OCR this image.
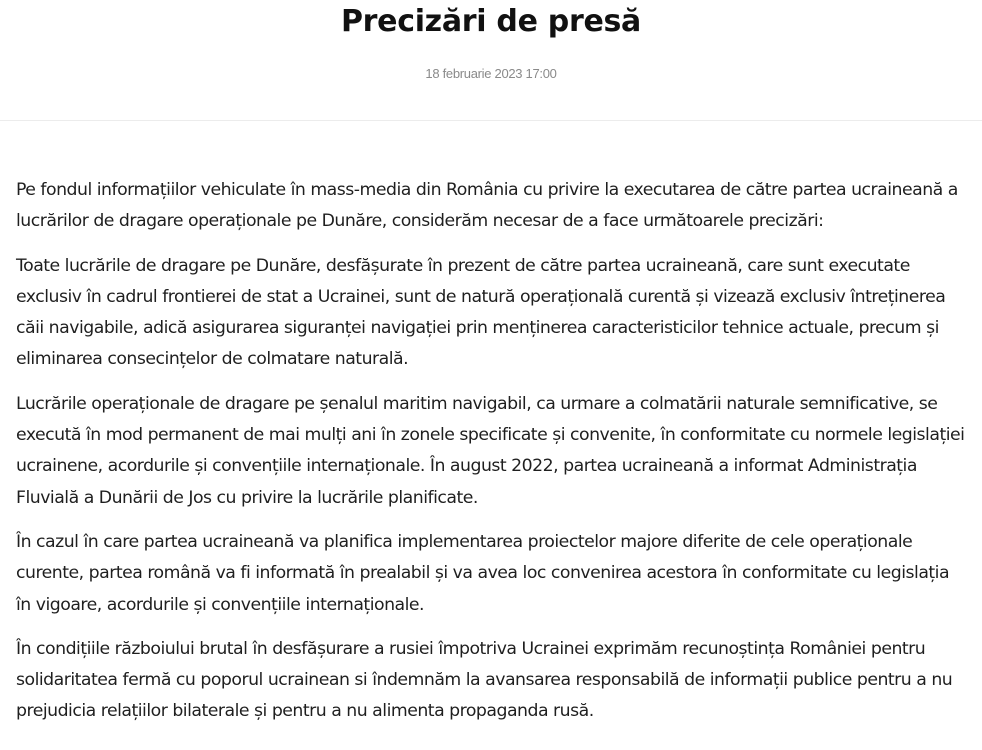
Precizări de presă
18 februarie 2023 17:00

Pe fondul informațiilor vehiculate în mass-media din România cu privire la executarea de către partea ucraineană a lucrărilor de dragare operaționale pe Dunăre, considerăm necesar de a face următoarele precizări:

Toate lucrările de dragare pe Dunăre, desfășurate în prezent de către partea ucraineană, care sunt executate exclusiv în cadrul frontierei de stat a Ucrainei, sunt de natură operațională curentă și vizează exclusiv întreținerea căii navigabile, adică asigurarea siguranței navigației prin menținerea caracteristicilor tehnice actuale, precum și eliminarea consecințelor de colmatare naturală.

Lucrările operaționale de dragare pe șenalul maritim navigabil, ca urmare a colmatării naturale semnificative, se execută în mod permanent de mai mulți ani în zonele specificate și convenite, în conformitate cu normele legislației ucrainene, acordurile și convențiile internaționale. În august 2022, partea ucraineană a informat Administrația Fluvială a Dunării de Jos cu privire la lucrările planificate.

În cazul în care partea ucraineană va planifica implementarea proiectelor majore diferite de cele operaționale curente, partea română va fi informată în prealabil și va avea loc convenirea acestora în conformitate cu legislația în vigoare, acordurile și convențiile internaționale.

În condițiile războiului brutal în desfășurare a rusiei împotriva Ucrainei exprimăm recunoștința României pentru solidaritatea fermă cu poporul ucrainean si îndemnăm la avansarea responsabilă de informații publice pentru a nu prejudicia relațiilor bilaterale și pentru a nu alimenta propaganda rusă.
